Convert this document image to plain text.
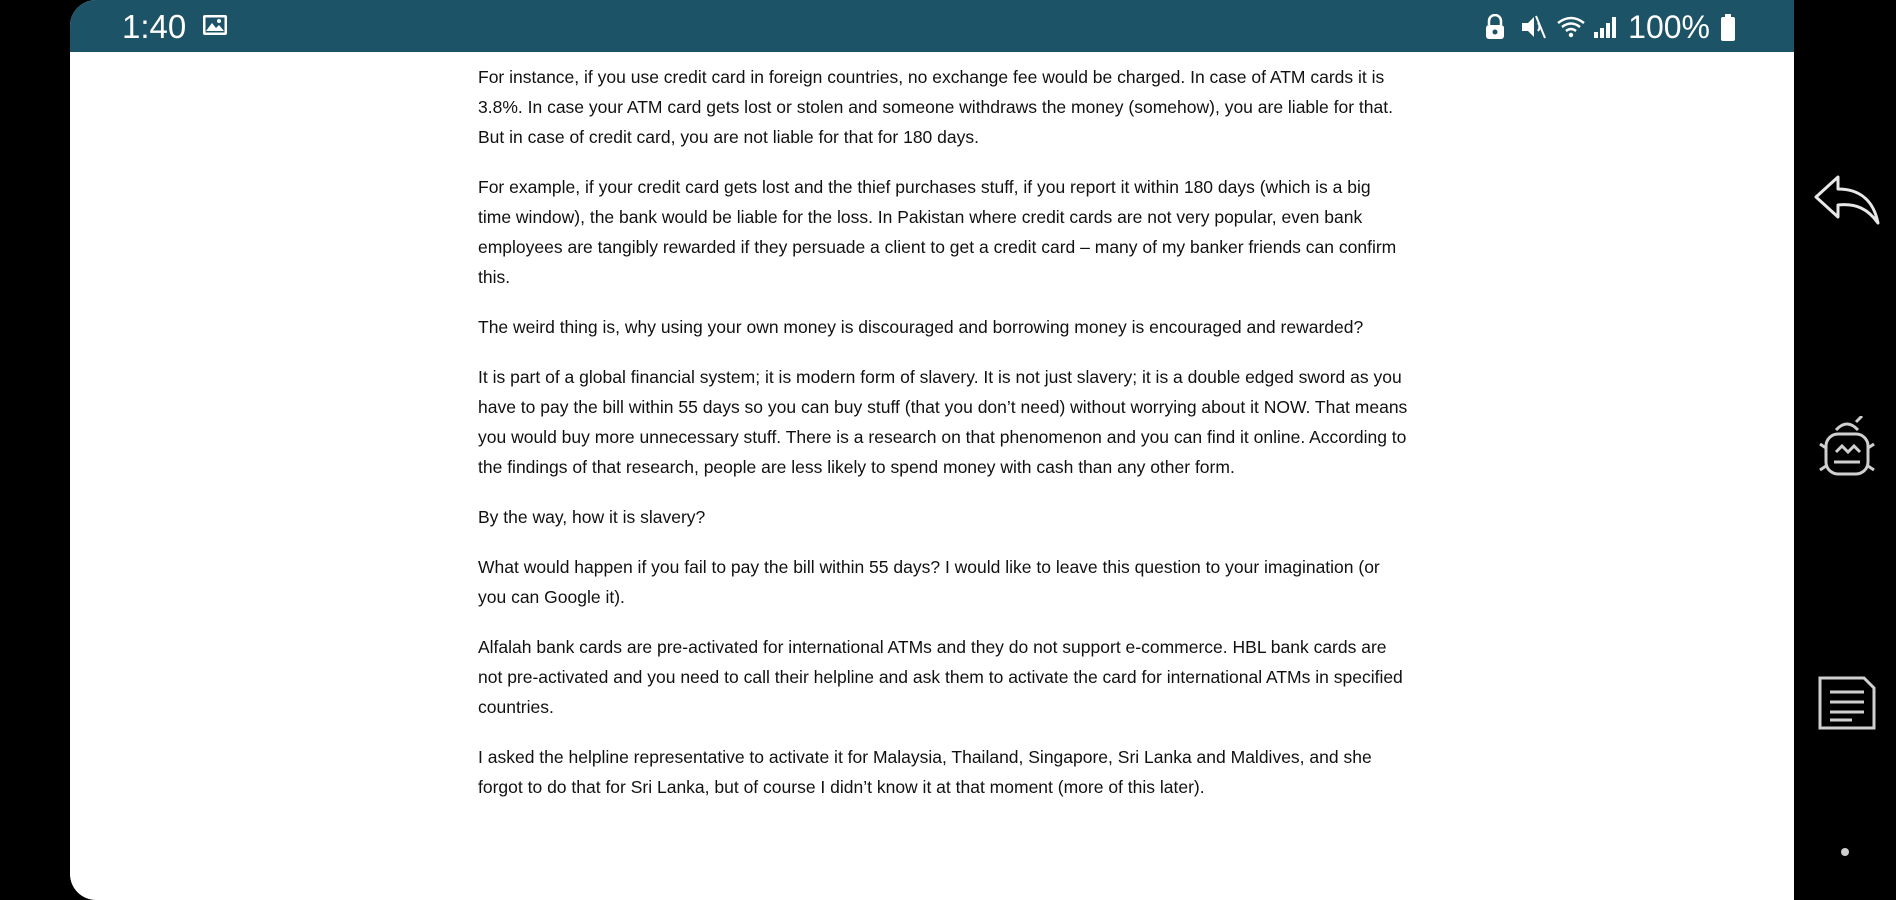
1:40	100%

For instance, if you use credit card in foreign countries, no exchange fee would be charged. In case of ATM cards it is 3.8%. In case your ATM card gets lost or stolen and someone withdraws the money (somehow), you are liable for that. But in case of credit card, you are not liable for that for 180 days.

For example, if your credit card gets lost and the thief purchases stuff, if you report it within 180 days (which is a big time window), the bank would be liable for the loss. In Pakistan where credit cards are not very popular, even bank employees are tangibly rewarded if they persuade a client to get a credit card – many of my banker friends can confirm this.

The weird thing is, why using your own money is discouraged and borrowing money is encouraged and rewarded?

It is part of a global financial system; it is modern form of slavery. It is not just slavery; it is a double edged sword as you have to pay the bill within 55 days so you can buy stuff (that you don’t need) without worrying about it NOW. That means you would buy more unnecessary stuff. There is a research on that phenomenon and you can find it online. According to the findings of that research, people are less likely to spend money with cash than any other form.

By the way, how it is slavery?

What would happen if you fail to pay the bill within 55 days? I would like to leave this question to your imagination (or you can Google it).

Alfalah bank cards are pre-activated for international ATMs and they do not support e-commerce. HBL bank cards are not pre-activated and you need to call their helpline and ask them to activate the card for international ATMs in specified countries.

I asked the helpline representative to activate it for Malaysia, Thailand, Singapore, Sri Lanka and Maldives, and she forgot to do that for Sri Lanka, but of course I didn’t know it at that moment (more of this later).
